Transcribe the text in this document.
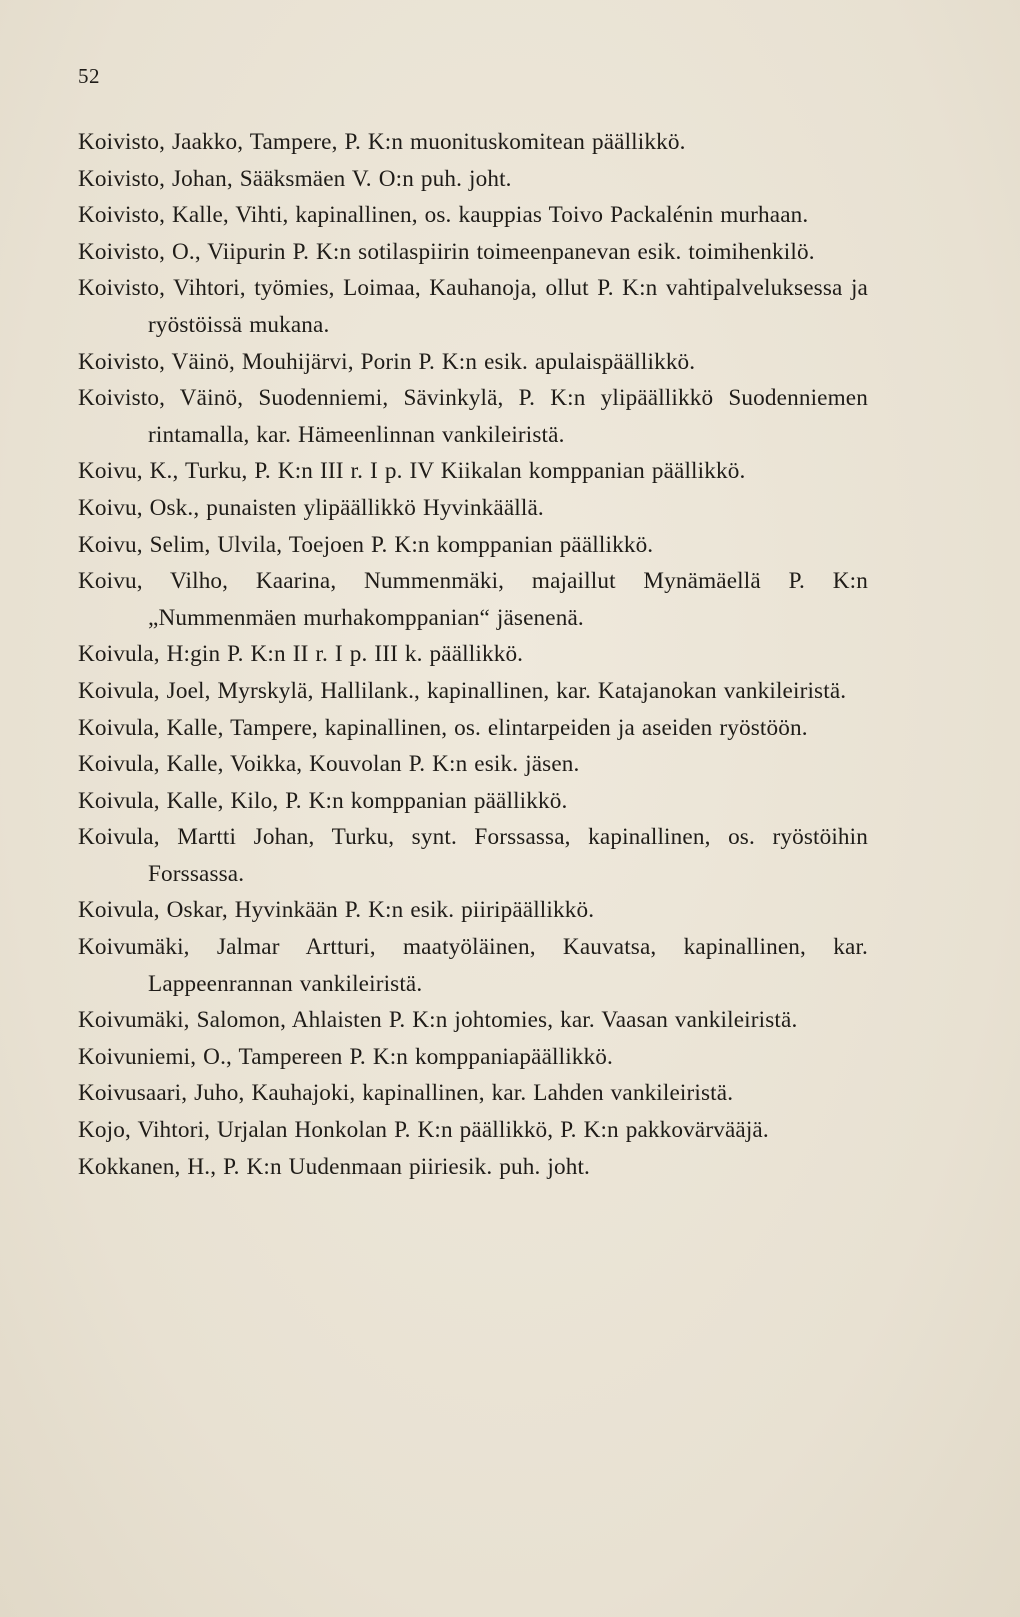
52
Koivisto, Jaakko, Tampere, P. K:n muonituskomitean päällikkö.
Koivisto, Johan, Sääksmäen V. O:n puh. joht.
Koivisto, Kalle, Vihti, kapinallinen, os. kauppias Toivo Packalénin murhaan.
Koivisto, O., Viipurin P. K:n sotilaspiirin toimeenpanevan esik. toimihenkilö.
Koivisto, Vihtori, työmies, Loimaa, Kauhanoja, ollut P. K:n vahtipalveluksessa ja ryöstöissä mukana.
Koivisto, Väinö, Mouhijärvi, Porin P. K:n esik. apulaispäällikkö.
Koivisto, Väinö, Suodenniemi, Sävinkylä, P. K:n ylipäällikkö Suodenniemen rintamalla, kar. Hämeenlinnan vankileiristä.
Koivu, K., Turku, P. K:n III r. I p. IV Kiikalan komppanian päällikkö.
Koivu, Osk., punaisten ylipäällikkö Hyvinkäällä.
Koivu, Selim, Ulvila, Toejoen P. K:n komppanian päällikkö.
Koivu, Vilho, Kaarina, Nummenmäki, majaillut Mynämäellä P. K:n „Nummenmäen murhakomppanian“ jäsenenä.
Koivula, H:gin P. K:n II r. I p. III k. päällikkö.
Koivula, Joel, Myrskylä, Hallilank., kapinallinen, kar. Katajanokan vankileiristä.
Koivula, Kalle, Tampere, kapinallinen, os. elintarpeiden ja aseiden ryöstöön.
Koivula, Kalle, Voikka, Kouvolan P. K:n esik. jäsen.
Koivula, Kalle, Kilo, P. K:n komppanian päällikkö.
Koivula, Martti Johan, Turku, synt. Forssassa, kapinallinen, os. ryöstöihin Forssassa.
Koivula, Oskar, Hyvinkään P. K:n esik. piiripäällikkö.
Koivumäki, Jalmar Artturi, maatyöläinen, Kauvatsa, kapinallinen, kar. Lappeenrannan vankileiristä.
Koivumäki, Salomon, Ahlaisten P. K:n johtomies, kar. Vaasan vankileiristä.
Koivuniemi, O., Tampereen P. K:n komppaniapäällikkö.
Koivusaari, Juho, Kauhajoki, kapinallinen, kar. Lahden vankileiristä.
Kojo, Vihtori, Urjalan Honkolan P. K:n päällikkö, P. K:n pakkovärvääjä.
Kokkanen, H., P. K:n Uudenmaan piiriesik. puh. joht.
